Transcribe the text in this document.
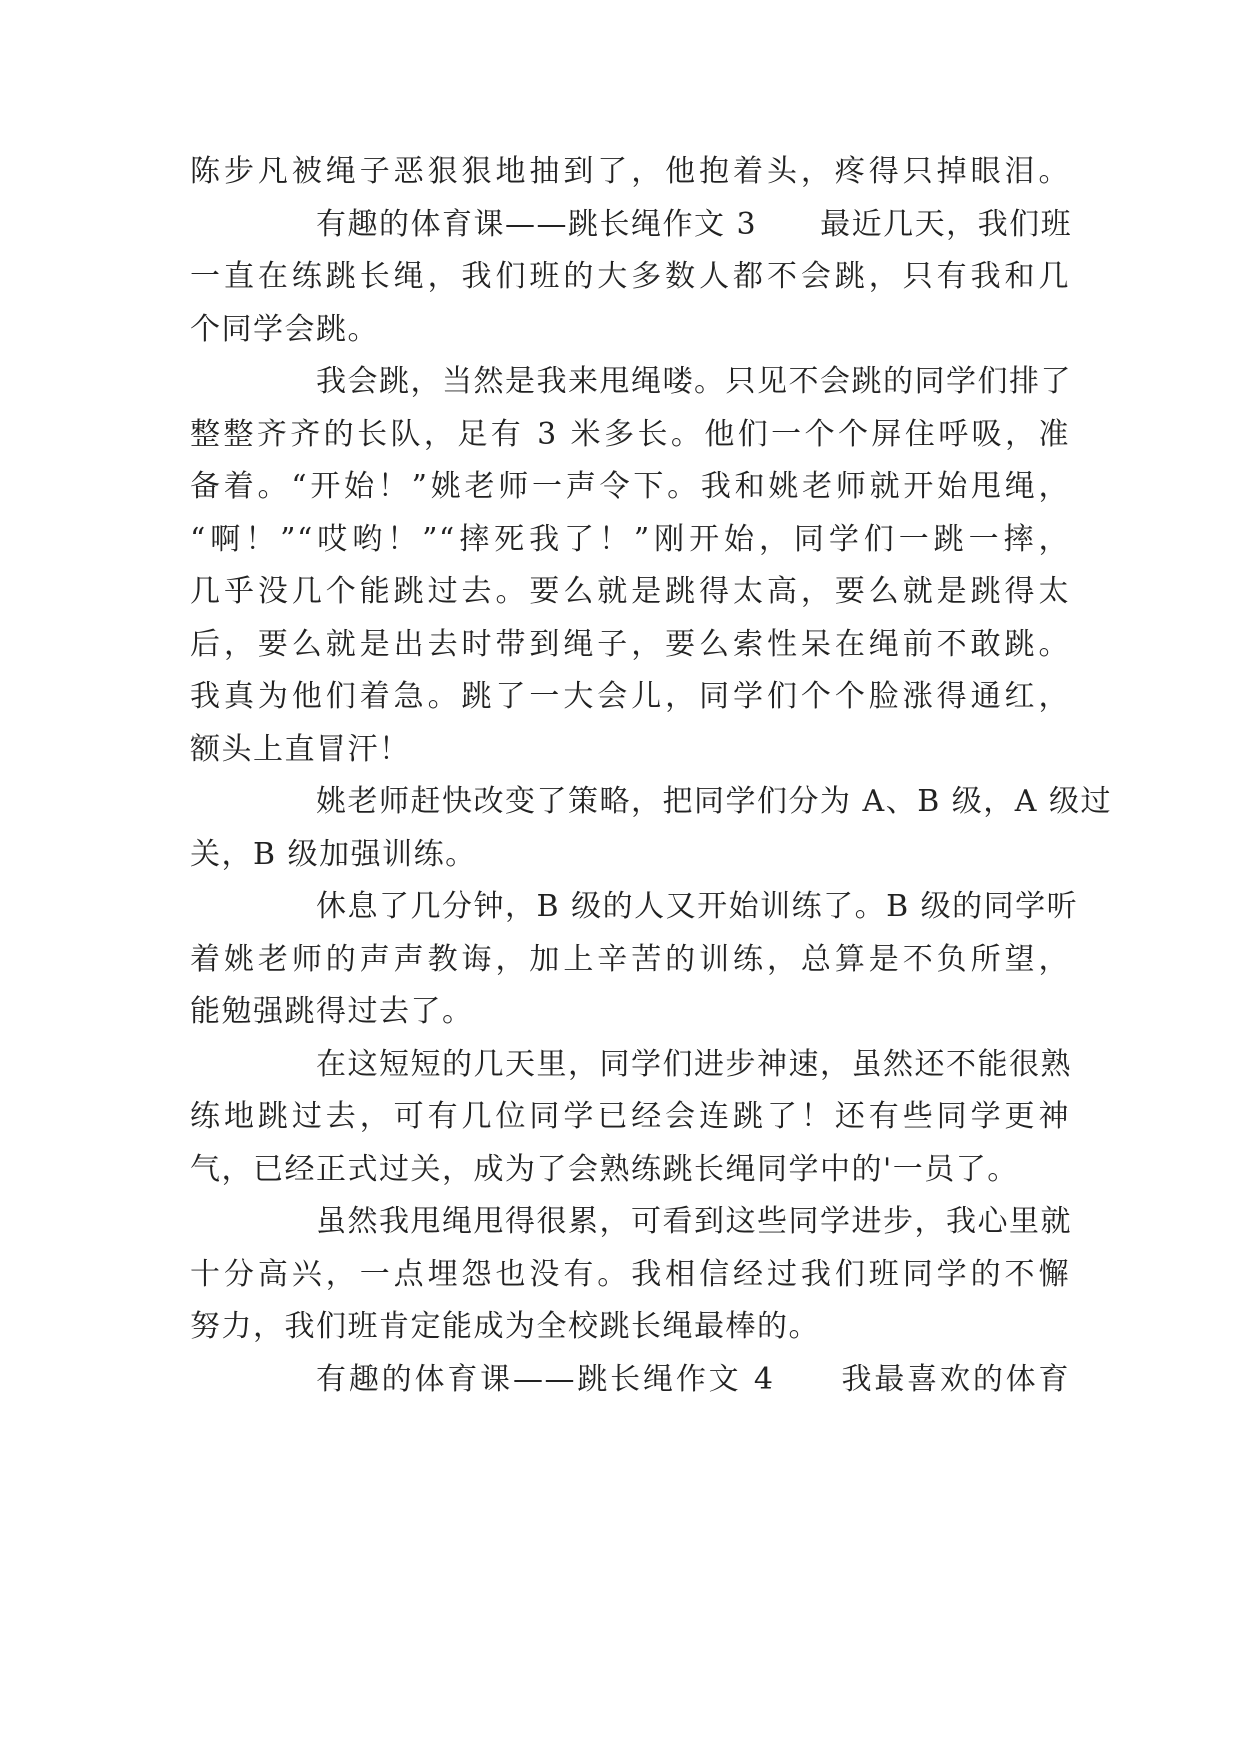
陈步凡被绳子恶狠狠地抽到了，他抱着头，疼得只掉眼泪。
有趣的体育课——跳长绳作文 3　　最近几天，我们班
一直在练跳长绳，我们班的大多数人都不会跳，只有我和几
个同学会跳。
我会跳，当然是我来甩绳喽。只见不会跳的同学们排了
整整齐齐的长队，足有 3 米多长。他们一个个屏住呼吸，准
备着。“开始！”姚老师一声令下。我和姚老师就开始甩绳，
“啊！”“哎哟！”“摔死我了！”刚开始，同学们一跳一摔，
几乎没几个能跳过去。要么就是跳得太高，要么就是跳得太
后，要么就是出去时带到绳子，要么索性呆在绳前不敢跳。
我真为他们着急。跳了一大会儿，同学们个个脸涨得通红，
额头上直冒汗！
姚老师赶快改变了策略，把同学们分为 A、B 级，A 级过
关，B 级加强训练。
休息了几分钟，B 级的人又开始训练了。B 级的同学听
着姚老师的声声教诲，加上辛苦的训练，总算是不负所望，
能勉强跳得过去了。
在这短短的几天里，同学们进步神速，虽然还不能很熟
练地跳过去，可有几位同学已经会连跳了！还有些同学更神
气，已经正式过关，成为了会熟练跳长绳同学中的'一员了。
虽然我甩绳甩得很累，可看到这些同学进步，我心里就
十分高兴，一点埋怨也没有。我相信经过我们班同学的不懈
努力，我们班肯定能成为全校跳长绳最棒的。
有趣的体育课——跳长绳作文 4　　我最喜欢的体育
